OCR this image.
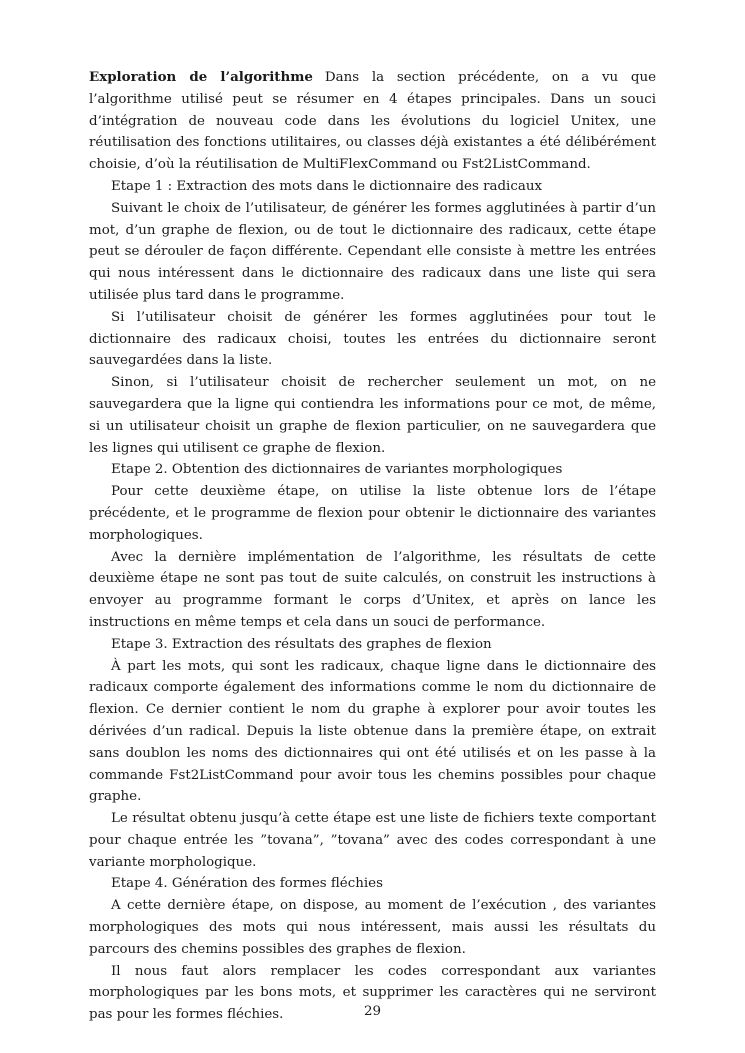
Exploration de l’algorithme Dans la section précédente, on a vu que l’algorithme utilisé peut se résumer en 4 étapes principales. Dans un souci d’intégration de nouveau code dans les évolutions du logiciel Unitex, une réutilisation des fonctions utilitaires, ou classes déjà existantes a été délibérément choisie, d’où la réutilisation de MultiFlexCommand ou Fst2ListCommand.

Etape 1 : Extraction des mots dans le dictionnaire des radicaux

Suivant le choix de l’utilisateur, de générer les formes agglutinées à partir d’un mot, d’un graphe de flexion, ou de tout le dictionnaire des radicaux, cette étape peut se dérouler de façon différente. Cependant elle consiste à mettre les entrées qui nous intéressent dans le dictionnaire des radicaux dans une liste qui sera utilisée plus tard dans le programme.

Si l’utilisateur choisit de générer les formes agglutinées pour tout le dictionnaire des radicaux choisi, toutes les entrées du dictionnaire seront sauvegardées dans la liste.

Sinon, si l’utilisateur choisit de rechercher seulement un mot, on ne sauvegardera que la ligne qui contiendra les informations pour ce mot, de même, si un utilisateur choisit un graphe de flexion particulier, on ne sauvegardera que les lignes qui utilisent ce graphe de flexion.

Etape 2. Obtention des dictionnaires de variantes morphologiques

Pour cette deuxième étape, on utilise la liste obtenue lors de l’étape précédente, et le programme de flexion pour obtenir le dictionnaire des variantes morphologiques.

Avec la dernière implémentation de l’algorithme, les résultats de cette deuxième étape ne sont pas tout de suite calculés, on construit les instructions à envoyer au programme formant le corps d’Unitex, et après on lance les instructions en même temps et cela dans un souci de performance.

Etape 3. Extraction des résultats des graphes de flexion

À part les mots, qui sont les radicaux, chaque ligne dans le dictionnaire des radicaux comporte également des informations comme le nom du dictionnaire de flexion. Ce dernier contient le nom du graphe à explorer pour avoir toutes les dérivées d’un radical. Depuis la liste obtenue dans la première étape, on extrait sans doublon les noms des dictionnaires qui ont été utilisés et on les passe à la commande Fst2ListCommand pour avoir tous les chemins possibles pour chaque graphe.

Le résultat obtenu jusqu’à cette étape est une liste de fichiers texte comportant pour chaque entrée les ”tovana”, ”tovana” avec des codes correspondant à une variante morphologique.

Etape 4. Génération des formes fléchies

A cette dernière étape, on dispose, au moment de l’exécution , des variantes morphologiques des mots qui nous intéressent, mais aussi les résultats du parcours des chemins possibles des graphes de flexion.

Il nous faut alors remplacer les codes correspondant aux variantes morphologiques par les bons mots, et supprimer les caractères qui ne serviront pas pour les formes fléchies.	29
